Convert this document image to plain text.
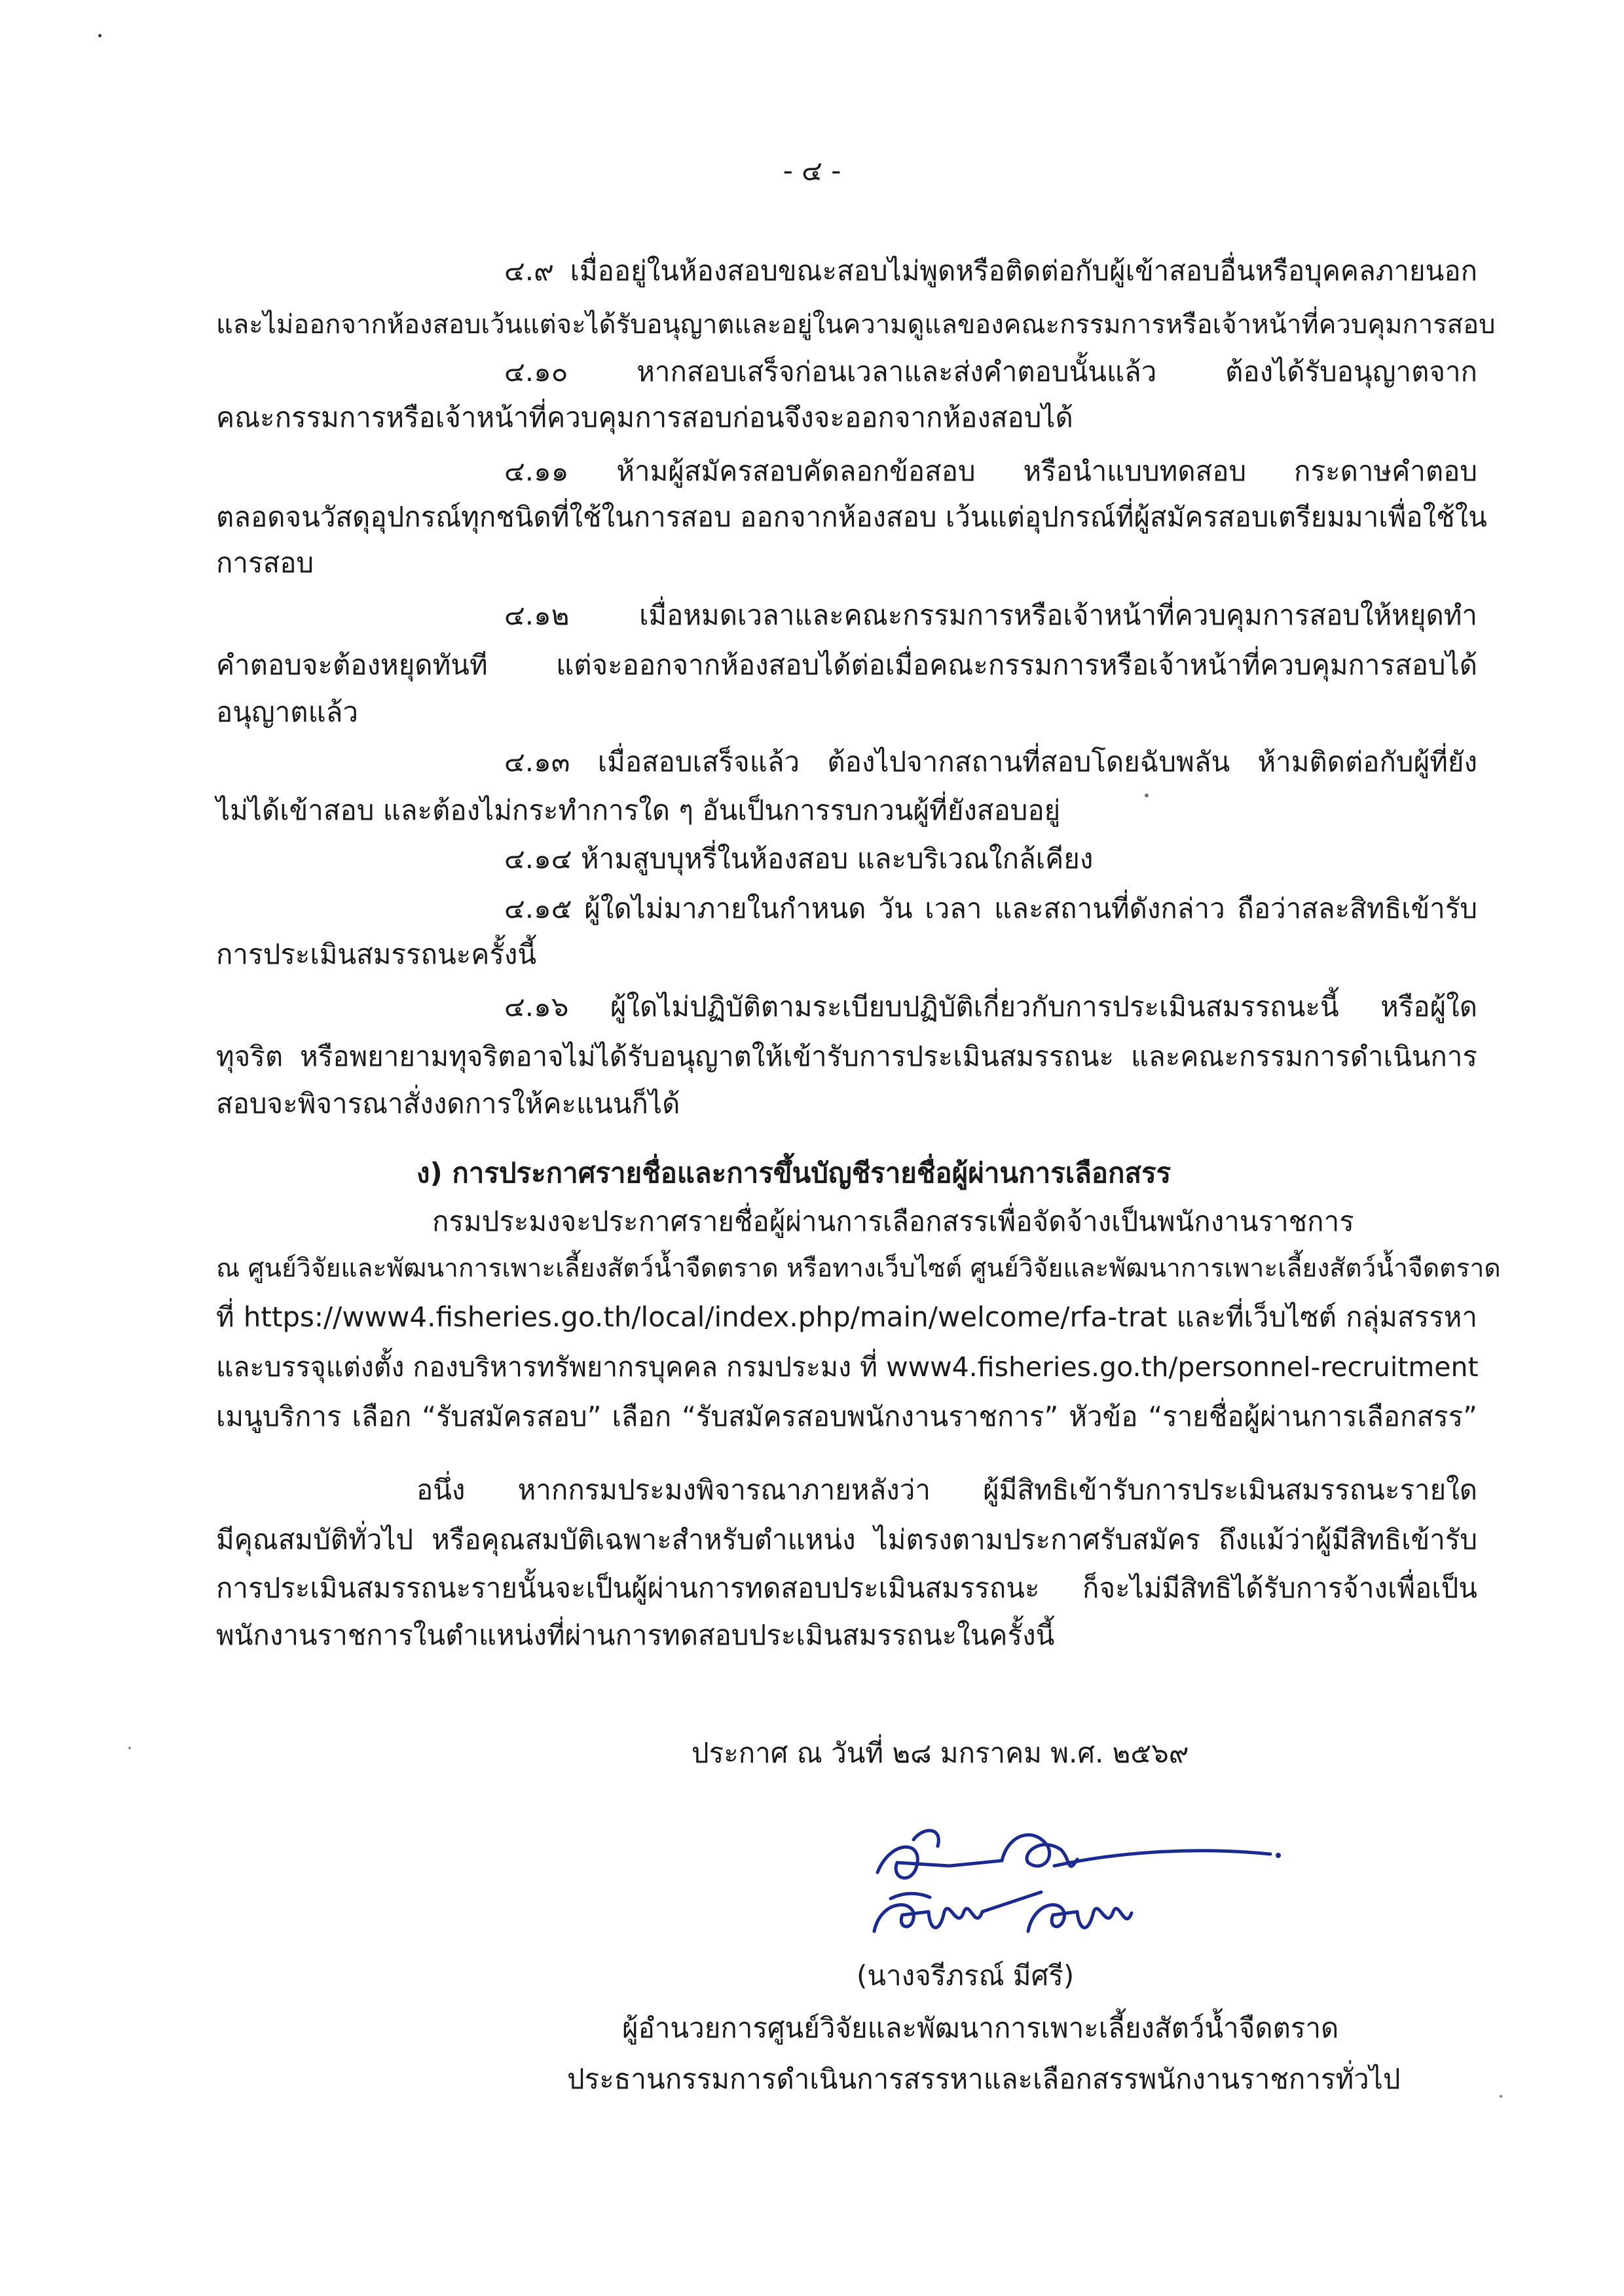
- ๔ -
๔.๙ เมื่ออยู่ในห้องสอบขณะสอบไม่พูดหรือติดต่อกับผู้เข้าสอบอื่นหรือบุคคลภายนอก
และไม่ออกจากห้องสอบเว้นแต่จะได้รับอนุญาตและอยู่ในความดูแลของคณะกรรมการหรือเจ้าหน้าที่ควบคุมการสอบ
๔.๑๐ หากสอบเสร็จก่อนเวลาและส่งคำตอบนั้นแล้ว ต้องได้รับอนุญาตจาก
คณะกรรมการหรือเจ้าหน้าที่ควบคุมการสอบก่อนจึงจะออกจากห้องสอบได้
๔.๑๑ ห้ามผู้สมัครสอบคัดลอกข้อสอบ หรือนำแบบทดสอบ กระดาษคำตอบ
ตลอดจนวัสดุอุปกรณ์ทุกชนิดที่ใช้ในการสอบ ออกจากห้องสอบ เว้นแต่อุปกรณ์ที่ผู้สมัครสอบเตรียมมาเพื่อใช้ใน
การสอบ
๔.๑๒ เมื่อหมดเวลาและคณะกรรมการหรือเจ้าหน้าที่ควบคุมการสอบให้หยุดทำ
คำตอบจะต้องหยุดทันที แต่จะออกจากห้องสอบได้ต่อเมื่อคณะกรรมการหรือเจ้าหน้าที่ควบคุมการสอบได้
อนุญาตแล้ว
๔.๑๓ เมื่อสอบเสร็จแล้ว ต้องไปจากสถานที่สอบโดยฉับพลัน ห้ามติดต่อกับผู้ที่ยัง
ไม่ได้เข้าสอบ และต้องไม่กระทำการใด ๆ อันเป็นการรบกวนผู้ที่ยังสอบอยู่
๔.๑๔ ห้ามสูบบุหรี่ในห้องสอบ และบริเวณใกล้เคียง
๔.๑๕ ผู้ใดไม่มาภายในกำหนด วัน เวลา และสถานที่ดังกล่าว ถือว่าสละสิทธิเข้ารับ
การประเมินสมรรถนะครั้งนี้
๔.๑๖ ผู้ใดไม่ปฏิบัติตามระเบียบปฏิบัติเกี่ยวกับการประเมินสมรรถนะนี้ หรือผู้ใด
ทุจริต หรือพยายามทุจริตอาจไม่ได้รับอนุญาตให้เข้ารับการประเมินสมรรถนะ และคณะกรรมการดำเนินการ
สอบจะพิจารณาสั่งงดการให้คะแนนก็ได้
ง) การประกาศรายชื่อและการขึ้นบัญชีรายชื่อผู้ผ่านการเลือกสรร
กรมประมงจะประกาศรายชื่อผู้ผ่านการเลือกสรรเพื่อจัดจ้างเป็นพนักงานราชการ
ณ ศูนย์วิจัยและพัฒนาการเพาะเลี้ยงสัตว์น้ำจืดตราด หรือทางเว็บไซต์ ศูนย์วิจัยและพัฒนาการเพาะเลี้ยงสัตว์น้ำจืดตราด
ที่ https://www4.fisheries.go.th/local/index.php/main/welcome/rfa-trat และที่เว็บไซต์ กลุ่มสรรหา
และบรรจุแต่งตั้ง กองบริหารทรัพยากรบุคคล กรมประมง ที่ www4.fisheries.go.th/personnel-recruitment
เมนูบริการ เลือก “รับสมัครสอบ” เลือก “รับสมัครสอบพนักงานราชการ” หัวข้อ “รายชื่อผู้ผ่านการเลือกสรร”
อนึ่ง หากกรมประมงพิจารณาภายหลังว่า ผู้มีสิทธิเข้ารับการประเมินสมรรถนะรายใด
มีคุณสมบัติทั่วไป หรือคุณสมบัติเฉพาะสำหรับตำแหน่ง ไม่ตรงตามประกาศรับสมัคร ถึงแม้ว่าผู้มีสิทธิเข้ารับ
การประเมินสมรรถนะรายนั้นจะเป็นผู้ผ่านการทดสอบประเมินสมรรถนะ ก็จะไม่มีสิทธิได้รับการจ้างเพื่อเป็น
พนักงานราชการในตำแหน่งที่ผ่านการทดสอบประเมินสมรรถนะในครั้งนี้
ประกาศ ณ วันที่ ๒๘ มกราคม พ.ศ. ๒๕๖๙
(นางจรีภรณ์ มีศรี)
ผู้อำนวยการศูนย์วิจัยและพัฒนาการเพาะเลี้ยงสัตว์น้ำจืดตราด
ประธานกรรมการดำเนินการสรรหาและเลือกสรรพนักงานราชการทั่วไป
